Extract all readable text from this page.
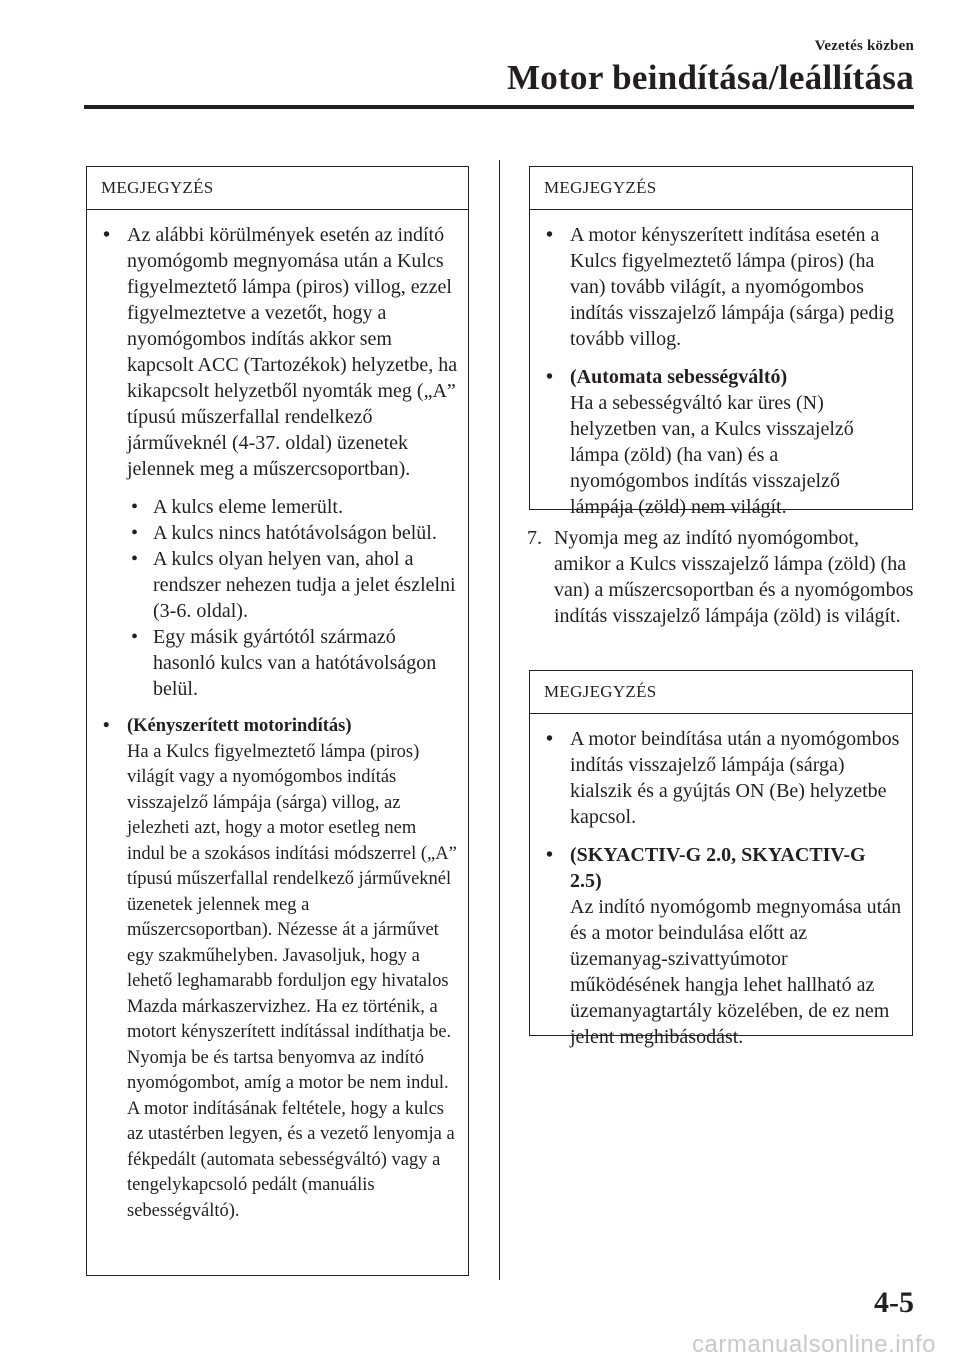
Vezetés közben
Motor beindítása/leállítása
MEGJEGYZÉS
• Az alábbi körülmények esetén az indító nyomógomb megnyomása után a Kulcs figyelmeztető lámpa (piros) villog, ezzel figyelmeztetve a vezetőt, hogy a nyomógombos indítás akkor sem kapcsolt ACC (Tartozékok) helyzetbe, ha kikapcsolt helyzetből nyomták meg („A” típusú műszerfallal rendelkező járműveknél (4-37. oldal) üzenetek jelennek meg a műszercsoportban).
• A kulcs eleme lemerült.
• A kulcs nincs hatótávolságon belül.
• A kulcs olyan helyen van, ahol a rendszer nehezen tudja a jelet észlelni (3-6. oldal).
• Egy másik gyártótól származó hasonló kulcs van a hatótávolságon belül.
• (Kényszerített motorindítás)
Ha a Kulcs figyelmeztető lámpa (piros) világít vagy a nyomógombos indítás visszajelző lámpája (sárga) villog, az jelezheti azt, hogy a motor esetleg nem indul be a szokásos indítási módszerrel („A” típusú műszerfallal rendelkező járműveknél üzenetek jelennek meg a műszercsoportban). Nézesse át a járművet egy szakműhelyben. Javasoljuk, hogy a lehető leghamarabb forduljon egy hivatalos Mazda márkaszervizhez. Ha ez történik, a motort kényszerített indítással indíthatja be. Nyomja be és tartsa benyomva az indító nyomógombot, amíg a motor be nem indul. A motor indításának feltétele, hogy a kulcs az utastérben legyen, és a vezető lenyomja a fékpedált (automata sebességváltó) vagy a tengelykapcsoló pedált (manuális sebességváltó).
MEGJEGYZÉS
• A motor kényszerített indítása esetén a Kulcs figyelmeztető lámpa (piros) (ha van) tovább világít, a nyomógombos indítás visszajelző lámpája (sárga) pedig tovább villog.
• (Automata sebességváltó)
Ha a sebességváltó kar üres (N) helyzetben van, a Kulcs visszajelző lámpa (zöld) (ha van) és a nyomógombos indítás visszajelző lámpája (zöld) nem világít.
7. Nyomja meg az indító nyomógombot, amikor a Kulcs visszajelző lámpa (zöld) (ha van) a műszercsoportban és a nyomógombos indítás visszajelző lámpája (zöld) is világít.
MEGJEGYZÉS
• A motor beindítása után a nyomógombos indítás visszajelző lámpája (sárga) kialszik és a gyújtás ON (Be) helyzetbe kapcsol.
• (SKYACTIV-G 2.0, SKYACTIV-G 2.5)
Az indító nyomógomb megnyomása után és a motor beindulása előtt az üzemanyag-szivattyúmotor működésének hangja lehet hallható az üzemanyagtartály közelében, de ez nem jelent meghibásodást.
4-5
carmanualsonline.info
